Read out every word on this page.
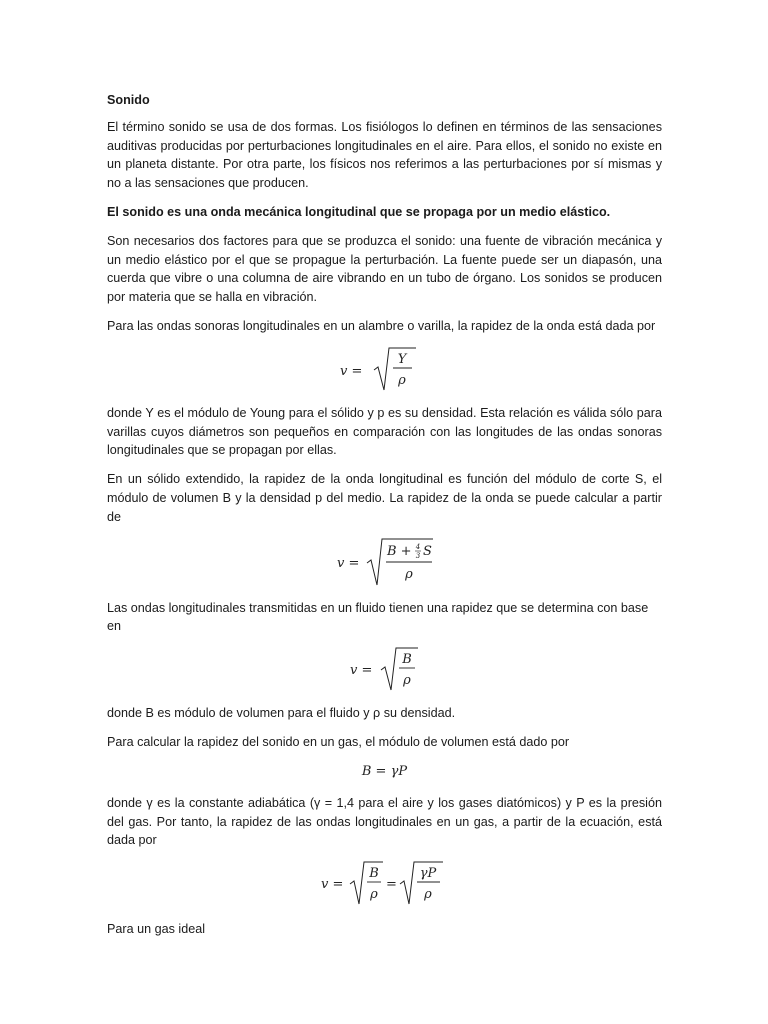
Sonido

El término sonido se usa de dos formas. Los fisiólogos lo definen en términos de las sensaciones auditivas producidas por perturbaciones longitudinales en el aire. Para ellos, el sonido no existe en un planeta distante. Por otra parte, los físicos nos referimos a las perturbaciones por sí mismas y no a las sensaciones que producen.

El sonido es una onda mecánica longitudinal que se propaga por un medio elástico.

Son necesarios dos factores para que se produzca el sonido: una fuente de vibración mecánica y un medio elástico por el que se propague la perturbación. La fuente puede ser un diapasón, una cuerda que vibre o una columna de aire vibrando en un tubo de órgano. Los sonidos se producen por materia que se halla en vibración.

Para las ondas sonoras longitudinales en un alambre o varilla, la rapidez de la onda está dada por

v =
Y
ρ

donde Y es el módulo de Young para el sólido y p es su densidad. Esta relación es válida sólo para varillas cuyos diámetros son pequeños en comparación con las longitudes de las ondas sonoras longitudinales que se propagan por ellas.

En un sólido extendido, la rapidez de la onda longitudinal es función del módulo de corte S, el módulo de volumen B y la densidad p del medio. La rapidez de la onda se puede calcular a partir de

v =
B + 4
3 S
ρ

Las ondas longitudinales transmitidas en un fluido tienen una rapidez que se determina con base en

v =
B
ρ

donde B es módulo de volumen para el fluido y ρ su densidad.

Para calcular la rapidez del sonido en un gas, el módulo de volumen está dado por

B = γP

donde γ es la constante adiabática (γ = 1,4 para el aire y los gases diatómicos) y P es la presión del gas. Por tanto, la rapidez de las ondas longitudinales en un gas, a partir de la ecuación, está dada por

v =
B
ρ
=
γP
ρ

Para un gas ideal
